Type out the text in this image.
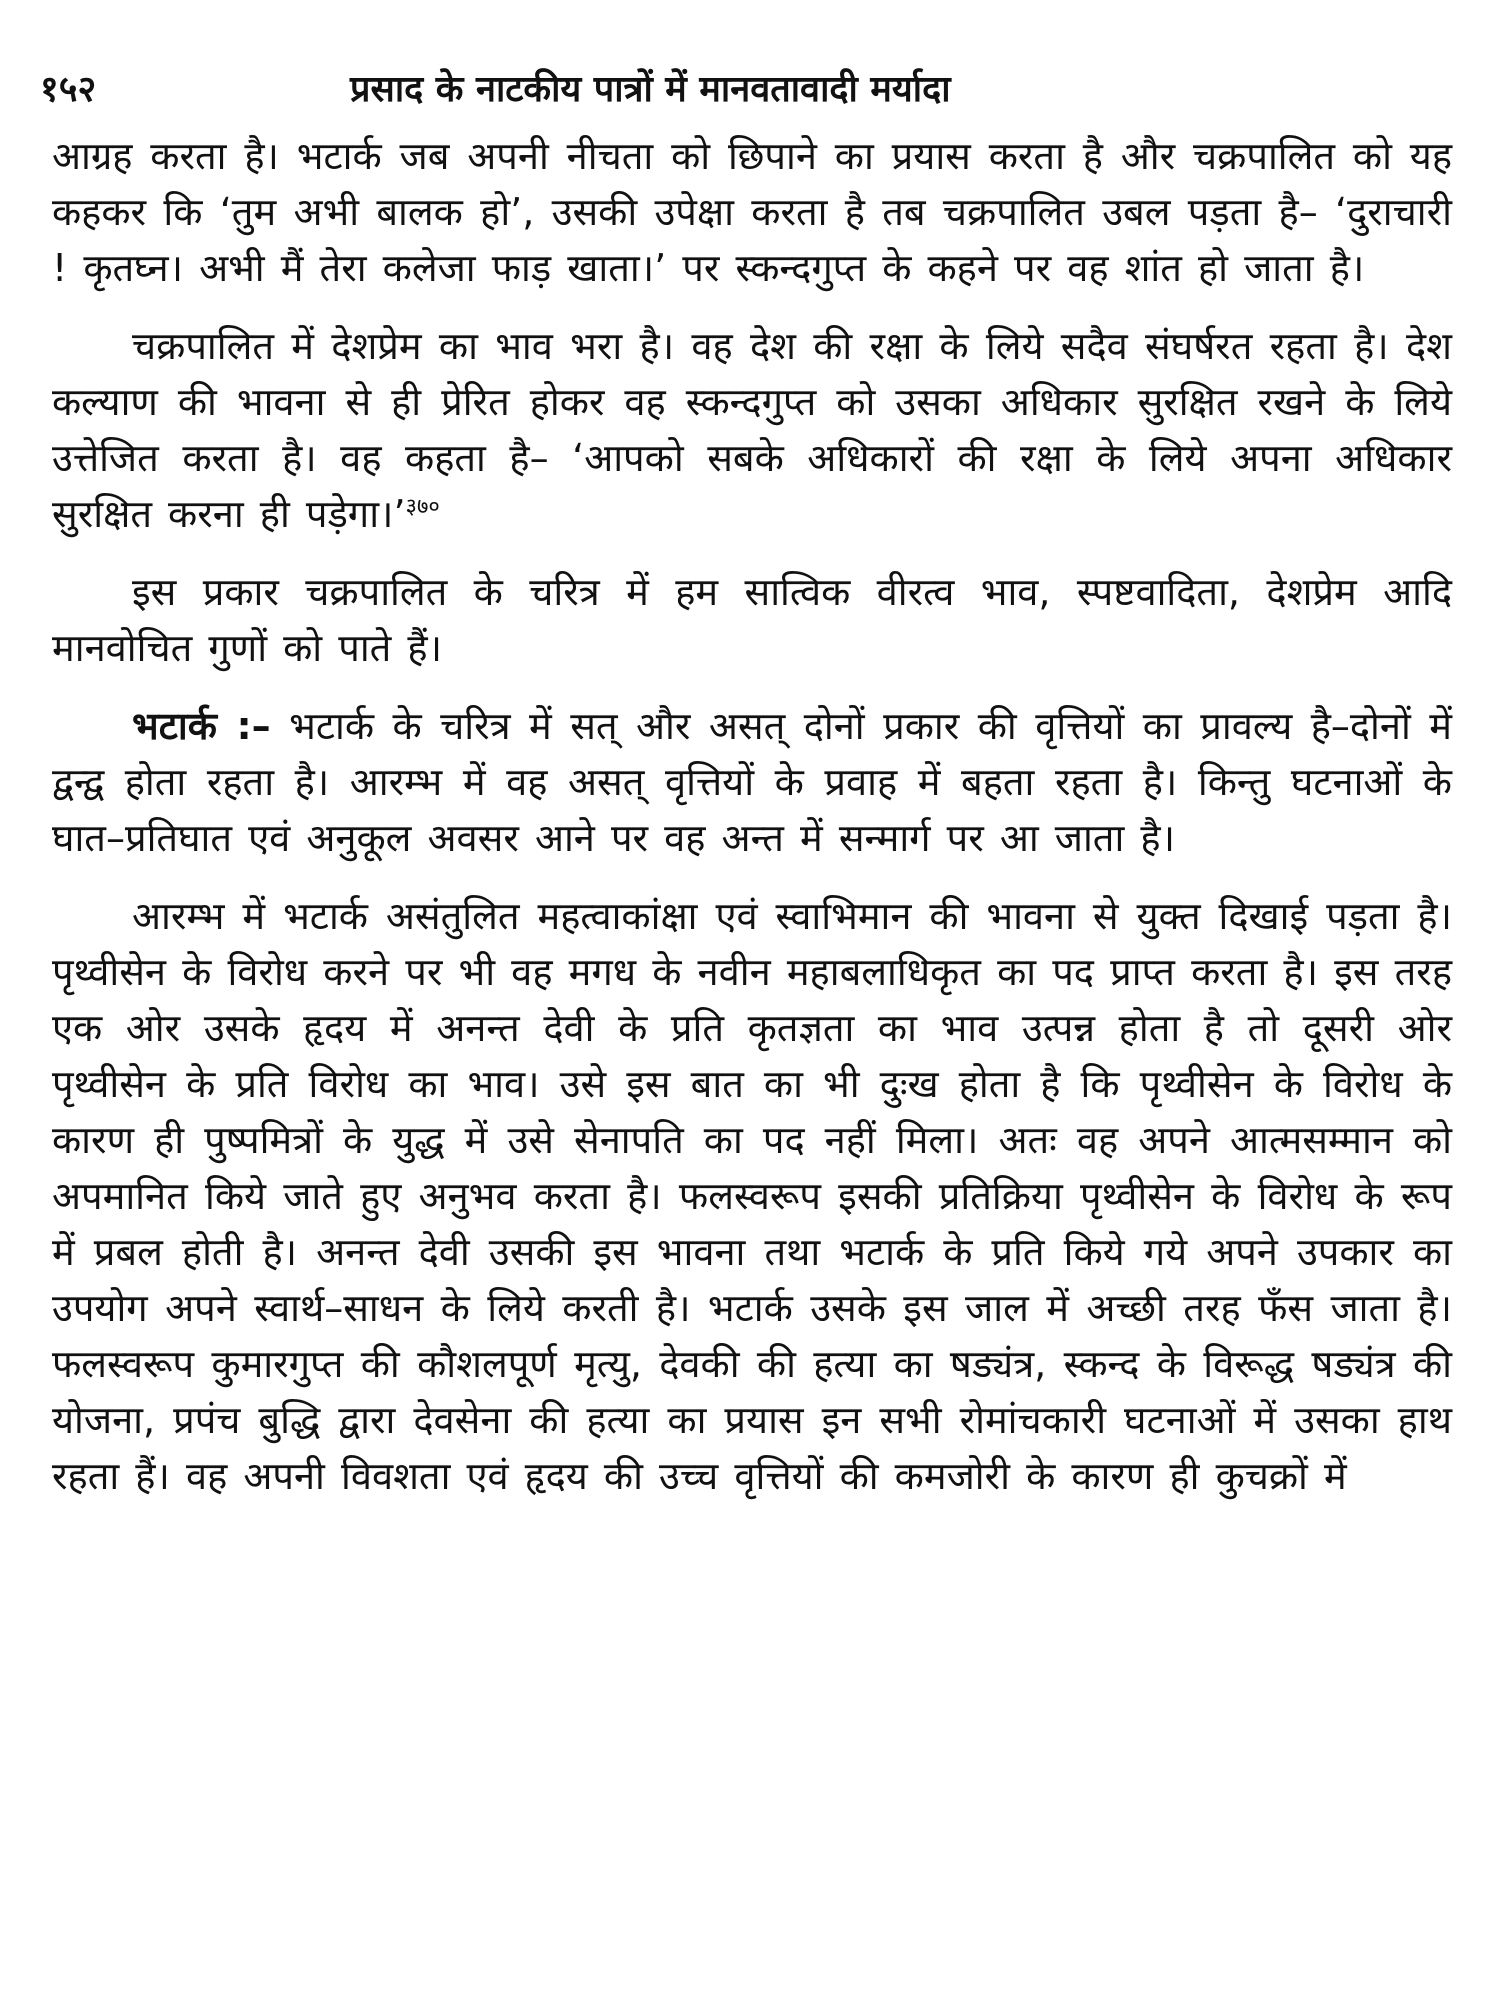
१५२	प्रसाद के नाटकीय पात्रों में मानवतावादी मर्यादा

आग्रह करता है। भटार्क जब अपनी नीचता को छिपाने का प्रयास करता है और चक्रपालित को यह कहकर कि ‘तुम अभी बालक हो’, उसकी उपेक्षा करता है तब चक्रपालित उबल पड़ता है– ‘दुराचारी ! कृतघ्न। अभी मैं तेरा कलेजा फाड़ खाता।’ पर स्कन्दगुप्त के कहने पर वह शांत हो जाता है।

चक्रपालित में देशप्रेम का भाव भरा है। वह देश की रक्षा के लिये सदैव संघर्षरत रहता है। देश कल्याण की भावना से ही प्रेरित होकर वह स्कन्दगुप्त को उसका अधिकार सुरक्षित रखने के लिये उत्तेजित करता है। वह कहता है– ‘आपको सबके अधिकारों की रक्षा के लिये अपना अधिकार सुरक्षित करना ही पड़ेगा।’$^{३७०}$

इस प्रकार चक्रपालित के चरित्र में हम सात्विक वीरत्व भाव, स्पष्टवादिता, देशप्रेम आदि मानवोचित गुणों को पाते हैं।

भटार्क :– भटार्क के चरित्र में सत् और असत् दोनों प्रकार की वृत्तियों का प्रावल्य है–दोनों में द्वन्द्व होता रहता है। आरम्भ में वह असत् वृत्तियों के प्रवाह में बहता रहता है। किन्तु घटनाओं के घात–प्रतिघात एवं अनुकूल अवसर आने पर वह अन्त में सन्मार्ग पर आ जाता है।

आरम्भ में भटार्क असंतुलित महत्वाकांक्षा एवं स्वाभिमान की भावना से युक्त दिखाई पड़ता है। पृथ्वीसेन के विरोध करने पर भी वह मगध के नवीन महाबलाधिकृत का पद प्राप्त करता है। इस तरह एक ओर उसके हृदय में अनन्त देवी के प्रति कृतज्ञता का भाव उत्पन्न होता है तो दूसरी ओर पृथ्वीसेन के प्रति विरोध का भाव। उसे इस बात का भी दुःख होता है कि पृथ्वीसेन के विरोध के कारण ही पुष्पमित्रों के युद्ध में उसे सेनापति का पद नहीं मिला। अतः वह अपने आत्मसम्मान को अपमानित किये जाते हुए अनुभव करता है। फलस्वरूप इसकी प्रतिक्रिया पृथ्वीसेन के विरोध के रूप में प्रबल होती है। अनन्त देवी उसकी इस भावना तथा भटार्क के प्रति किये गये अपने उपकार का उपयोग अपने स्वार्थ–साधन के लिये करती है। भटार्क उसके इस जाल में अच्छी तरह फँस जाता है। फलस्वरूप कुमारगुप्त की कौशलपूर्ण मृत्यु, देवकी की हत्या का षड्यंत्र, स्कन्द के विरूद्ध षड्यंत्र की योजना, प्रपंच बुद्धि द्वारा देवसेना की हत्या का प्रयास इन सभी रोमांचकारी घटनाओं में उसका हाथ रहता हैं। वह अपनी विवशता एवं हृदय की उच्च वृत्तियों की कमजोरी के कारण ही कुचक्रों में
